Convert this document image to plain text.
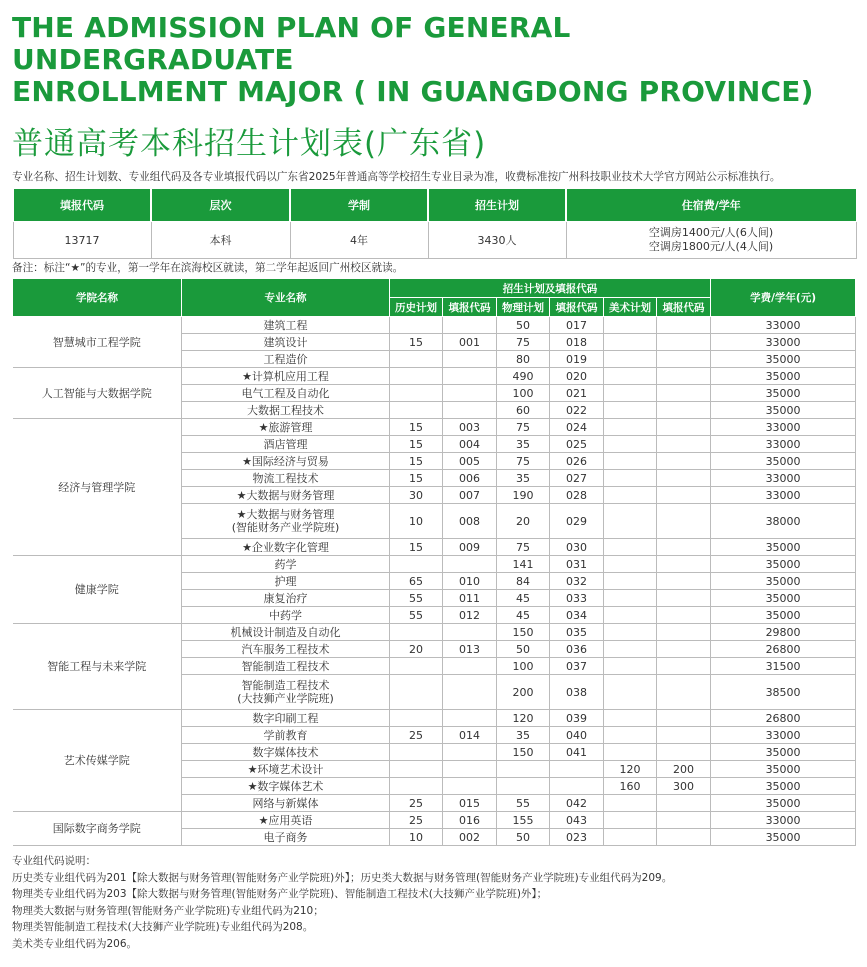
THE ADMISSION PLAN OF GENERAL UNDERGRADUATE
ENROLLMENT MAJOR ( IN GUANGDONG PROVINCE)
普通高考本科招生计划表(广东省)
专业名称、招生计划数、专业组代码及各专业填报代码以广东省2025年普通高等学校招生专业目录为准，收费标准按广州科技职业技术大学官方网站公示标准执行。
填报代码	层次	学制	招生计划	住宿费/学年
13717	本科	4年	3430人	空调房1400元/人(6人间)
空调房1800元/人(4人间)
备注：标注“★”的专业，第一学年在滨海校区就读，第二学年起返回广州校区就读。
学院名称	专业名称	招生计划及填报代码						学费/学年(元)
		历史计划	填报代码	物理计划	填报代码	美术计划	填报代码	
智慧城市工程学院	建筑工程			50	017			33000
	建筑设计	15	001	75	018			33000
	工程造价			80	019			35000
人工智能与大数据学院	★计算机应用工程			490	020			35000
	电气工程及自动化			100	021			35000
	大数据工程技术			60	022			35000
经济与管理学院	★旅游管理	15	003	75	024			33000
	酒店管理	15	004	35	025			33000
	★国际经济与贸易	15	005	75	026			35000
	物流工程技术	15	006	35	027			33000
	★大数据与财务管理	30	007	190	028			33000

	★大数据与财务管理
(智能财务产业学院班)	10	008	20	029			38000
	★企业数字化管理	15	009	75	030			35000
健康学院	药学			141	031			35000
	护理	65	010	84	032			35000
	康复治疗	55	011	45	033			35000
	中药学	55	012	45	034			35000
智能工程与未来学院	机械设计制造及自动化			150	035			29800
	汽车服务工程技术	20	013	50	036			26800
	智能制造工程技术			100	037			31500

	智能制造工程技术
(大技狮产业学院班)			200	038			38500
艺术传媒学院	数字印刷工程			120	039			26800
	学前教育	25	014	35	040			33000
	数字媒体技术			150	041			35000
	★环境艺术设计					120	200	35000
	★数字媒体艺术					160	300	35000
	网络与新媒体	25	015	55	042			35000
国际数字商务学院	★应用英语	25	016	155	043			33000
	电子商务	10	002	50	023			35000
专业组代码说明：
历史类专业组代码为201【除大数据与财务管理(智能财务产业学院班)外】；历史类大数据与财务管理(智能财务产业学院班)专业组代码为209。
物理类专业组代码为203【除大数据与财务管理(智能财务产业学院班)、智能制造工程技术(大技狮产业学院班)外】；
物理类大数据与财务管理(智能财务产业学院班)专业组代码为210；
物理类智能制造工程技术(大技狮产业学院班)专业组代码为208。
美术类专业组代码为206。
